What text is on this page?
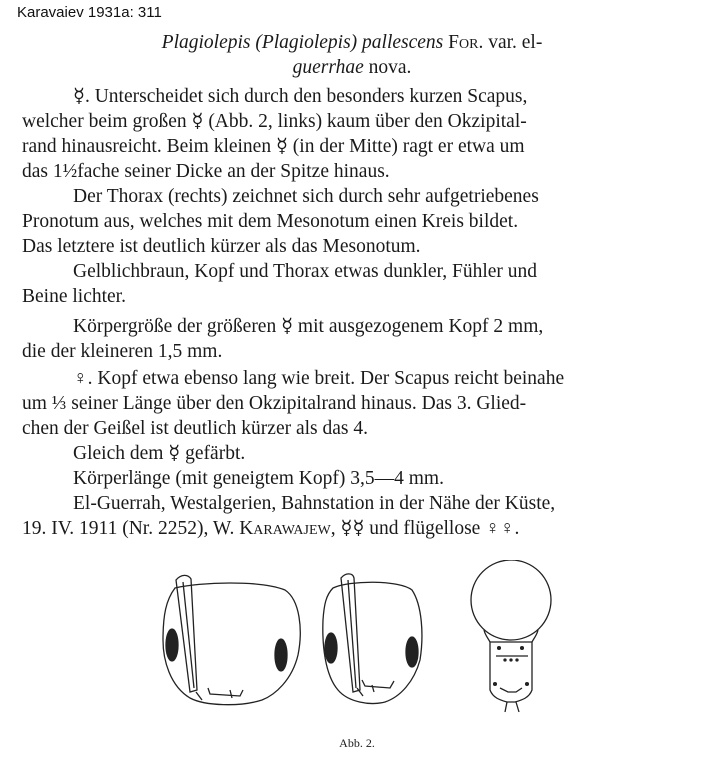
Karavaiev 1931a: 311
Plagiolepis (Plagiolepis) pallescens For. var. el-
guerrhae nova.
☿. Unterscheidet sich durch den besonders kurzen Scapus,
welcher beim großen ☿ (Abb. 2, links) kaum über den Okzipital-
rand hinausreicht. Beim kleinen ☿ (in der Mitte) ragt er etwa um
das 1½fache seiner Dicke an der Spitze hinaus.
Der Thorax (rechts) zeichnet sich durch sehr aufgetriebenes
Pronotum aus, welches mit dem Mesonotum einen Kreis bildet.
Das letztere ist deutlich kürzer als das Mesonotum.
Gelblichbraun, Kopf und Thorax etwas dunkler, Fühler und
Beine lichter.
Körpergröße der größeren ☿ mit ausgezogenem Kopf 2 mm,
die der kleineren 1,5 mm.
♀. Kopf etwa ebenso lang wie breit. Der Scapus reicht beinahe
um ⅓ seiner Länge über den Okzipitalrand hinaus. Das 3. Glied-
chen der Geißel ist deutlich kürzer als das 4.
Gleich dem ☿ gefärbt.
Körperlänge (mit geneigtem Kopf) 3,5—4 mm.
El-Guerrah, Westalgerien, Bahnstation in der Nähe der Küste,
19. IV. 1911 (Nr. 2252), W. Karawajew, ☿☿ und flügellose ♀♀.
Abb. 2.
